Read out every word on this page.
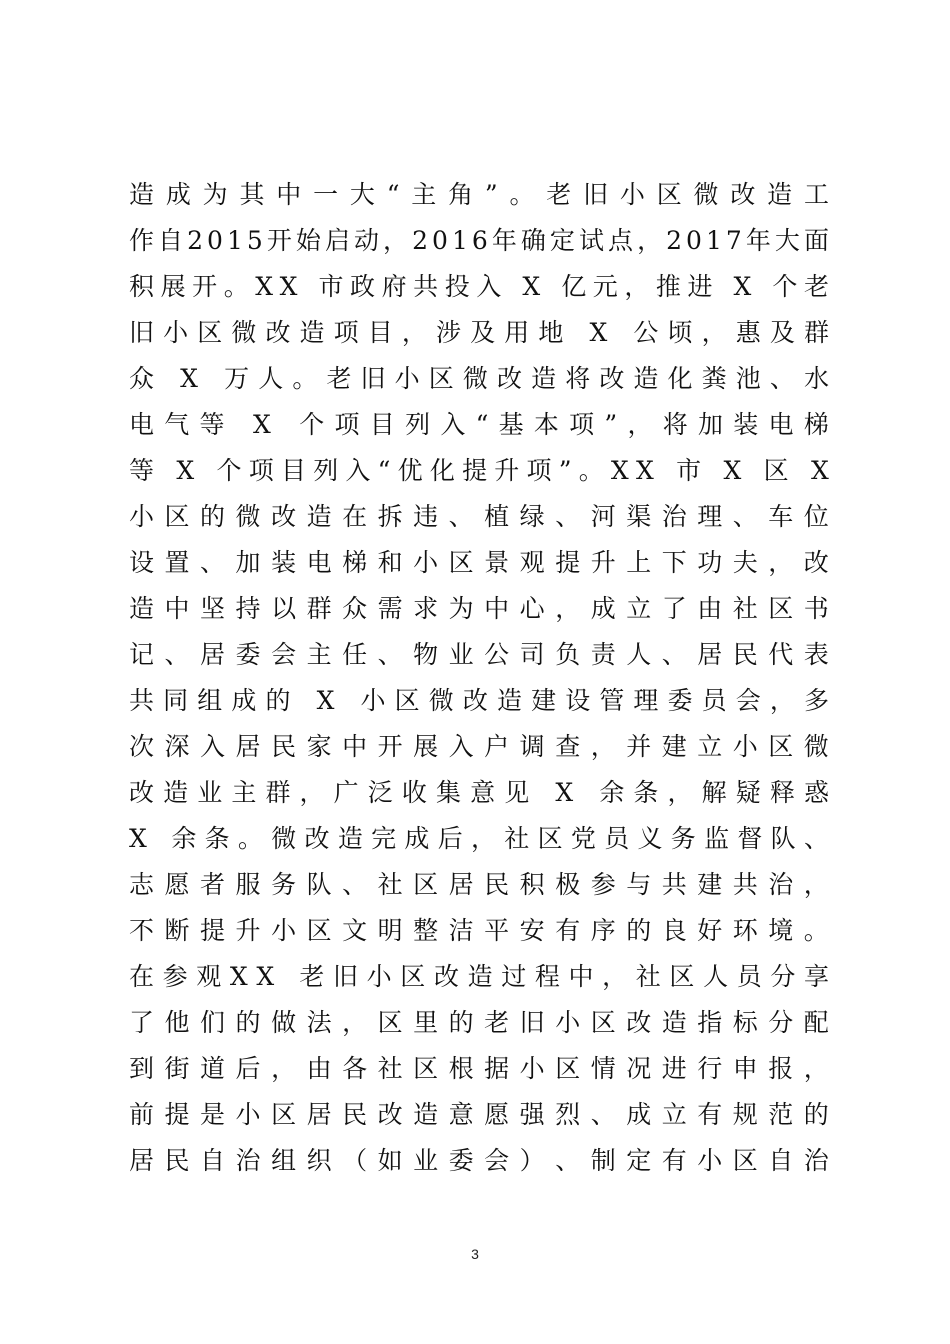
造 成 为 其 中 一 大 “ 主 角 ” 。 老 旧 小 区 微 改 造 工
作 自 2 0 1 5 开 始 启 动 ， 2 0 1 6 年 确 定 试 点 ， 2 0 1 7 年 大 面
积 展 开 。 X X
市 政 府 共 投 入
X
亿 元 ， 推 进
X
个 老
旧 小 区 微 改 造 项 目 ， 涉 及 用 地
X
公 顷 ， 惠 及 群
众
X
万 人 。 老 旧 小 区 微 改 造 将 改 造 化 粪 池 、 水
电 气 等
X
个 项 目 列 入 “ 基 本 项 ” ， 将 加 装 电 梯
等
X
个 项 目 列 入 “ 优 化 提 升 项 ” 。 X X
市
X
区
X
小 区 的 微 改 造 在 拆 违 、 植 绿 、 河 渠 治 理 、 车 位
设 置 、 加 装 电 梯 和 小 区 景 观 提 升 上 下 功 夫 ， 改
造 中 坚 持 以 群 众 需 求 为 中 心 ， 成 立 了 由 社 区 书
记 、 居 委 会 主 任 、 物 业 公 司 负 责 人 、 居 民 代 表
共 同 组 成 的
X
小 区 微 改 造 建 设 管 理 委 员 会 ， 多
次 深 入 居 民 家 中 开 展 入 户 调 查 ， 并 建 立 小 区 微
改 造 业 主 群 ， 广 泛 收 集 意 见
X
余 条 ， 解 疑 释 惑
X
余 条 。 微 改 造 完 成 后 ， 社 区 党 员 义 务 监 督 队 、
志 愿 者 服 务 队 、 社 区 居 民 积 极 参 与 共 建 共 治 ，
不 断 提 升 小 区 文 明 整 洁 平 安 有 序 的 良 好 环 境 。
在 参 观 X X
老 旧 小 区 改 造 过 程 中 ， 社 区 人 员 分 享
了 他 们 的 做 法 ， 区 里 的 老 旧 小 区 改 造 指 标 分 配
到 街 道 后 ， 由 各 社 区 根 据 小 区 情 况 进 行 申 报 ，
前 提 是 小 区 居 民 改 造 意 愿 强 烈 、 成 立 有 规 范 的
居 民 自 治 组 织 （ 如 业 委 会 ） 、 制 定 有 小 区 自 治
3
